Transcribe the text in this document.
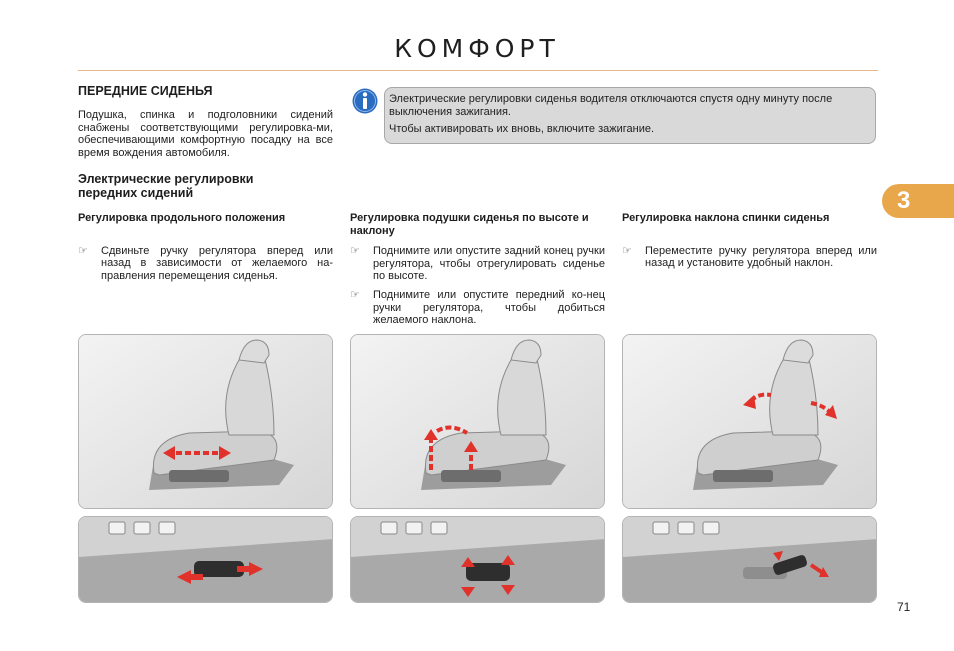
КОМФОРТ
3
ПЕРЕДНИЕ СИДЕНЬЯ

Подушка, спинка и подголовники сидений снабжены соответствующими регулировка-ми, обеспечивающими комфортную посадку на все время вождения автомобиля.

Электрические регулировки

передних сидений

Электрические регулировки сиденья водителя отключаются спустя одну минуту после выключения зажигания.

Чтобы активировать их вновь, включите зажигание.

Регулировка продольного положения

☞ Сдвиньте ручку регулятора вперед или назад в зависимости от желаемого на-правления перемещения сиденья.

Регулировка подушки сиденья по высоте и наклону

☞ Поднимите или опустите задний конец ручки регулятора, чтобы отрегулировать сиденье по высоте.
☞ Поднимите или опустите передний ко-нец ручки регулятора, чтобы добиться желаемого наклона.

Регулировка наклона спинки сиденья

☞ Переместите ручку регулятора вперед или назад и установите удобный наклон.
71
